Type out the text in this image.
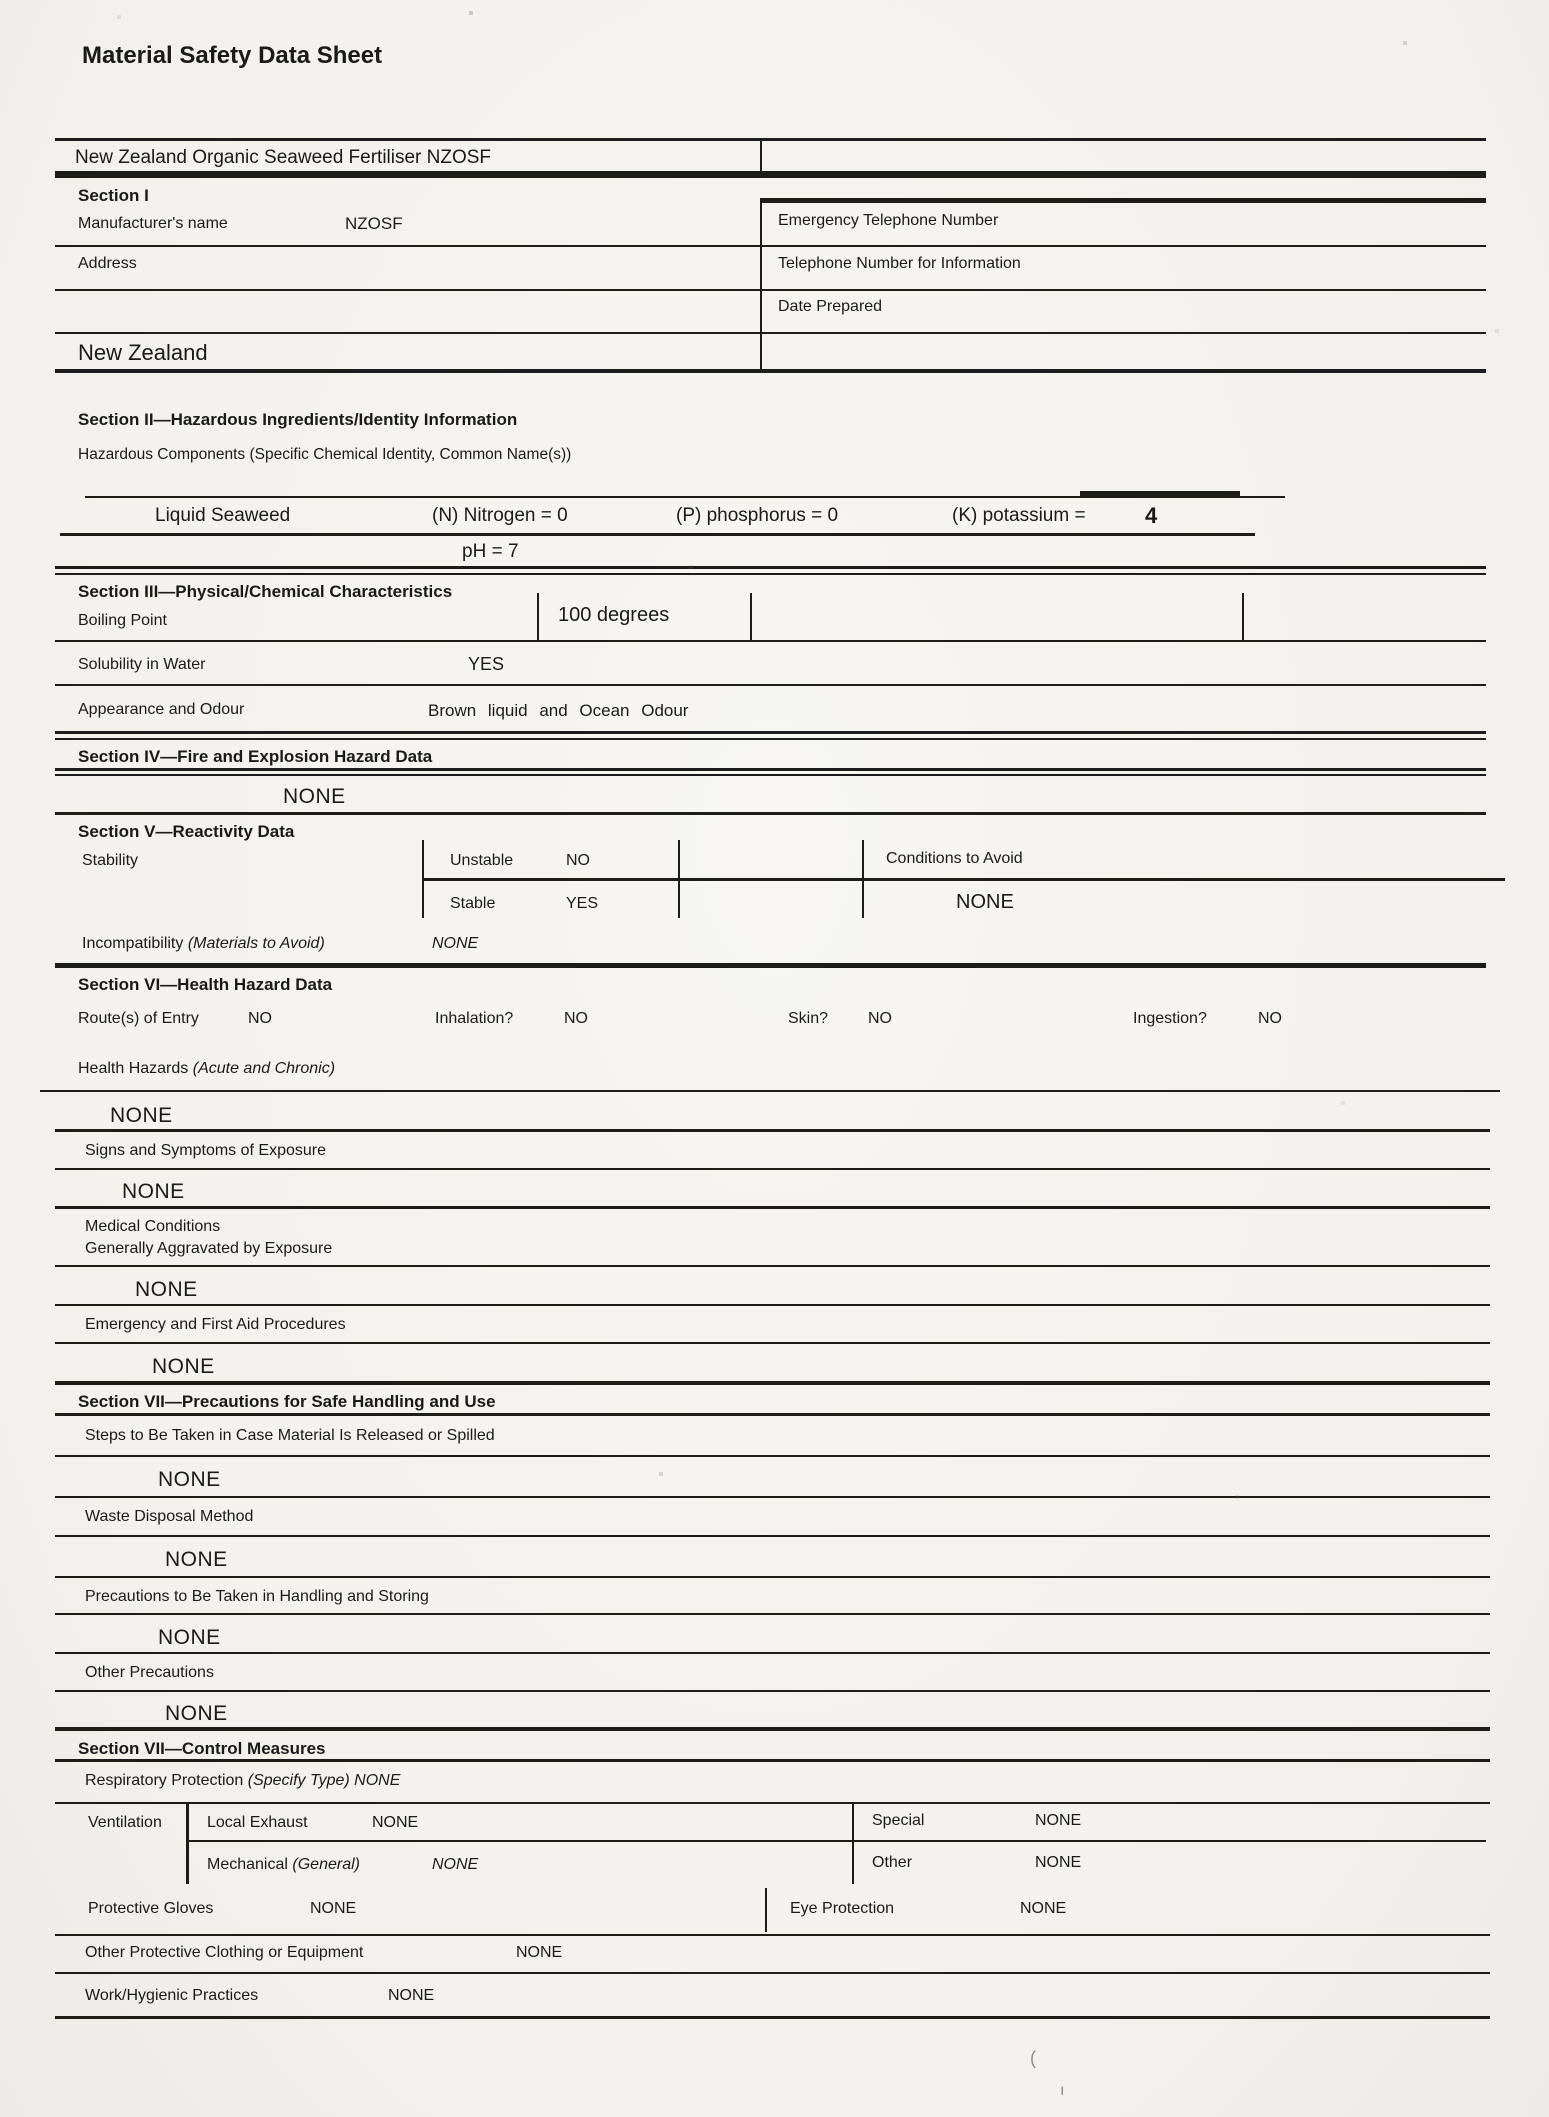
Material Safety Data Sheet
New Zealand Organic Seaweed Fertiliser NZOSF
Section I
Manufacturer's name	NZOSF	Emergency Telephone Number
Address	Telephone Number for Information
Date Prepared
New Zealand
Section II—Hazardous Ingredients/Identity Information
Hazardous Components (Specific Chemical Identity, Common Name(s))
Liquid Seaweed	(N) Nitrogen = 0	(P) phosphorus = 0	(K) potassium =	4
pH = 7
Section III—Physical/Chemical Characteristics
Boiling Point	100 degrees
Solubility in Water	YES
Appearance and Odour	Brown liquid and Ocean Odour
Section IV—Fire and Explosion Hazard Data
NONE
Section V—Reactivity Data
Stability	Unstable	NO	Conditions to Avoid
Stable	YES	NONE
Incompatibility (Materials to Avoid)	NONE
Section VI—Health Hazard Data
Route(s) of Entry	NO	Inhalation?	NO	Skin? NO	Ingestion?	NO
Health Hazards (Acute and Chronic)
NONE
Signs and Symptoms of Exposure
NONE
Medical Conditions
Generally Aggravated by Exposure
NONE
Emergency and First Aid Procedures
NONE
Section VII—Precautions for Safe Handling and Use
Steps to Be Taken in Case Material Is Released or Spilled
NONE
Waste Disposal Method
NONE
Precautions to Be Taken in Handling and Storing
NONE
Other Precautions
NONE
Section VII—Control Measures
Respiratory Protection (Specify Type) NONE
Ventilation	Local Exhaust	NONE	Special	NONE
Mechanical (General)	NONE	Other	NONE
Protective Gloves	NONE	Eye Protection	NONE
Other Protective Clothing or Equipment	NONE
Work/Hygienic Practices	NONE
(
ı
